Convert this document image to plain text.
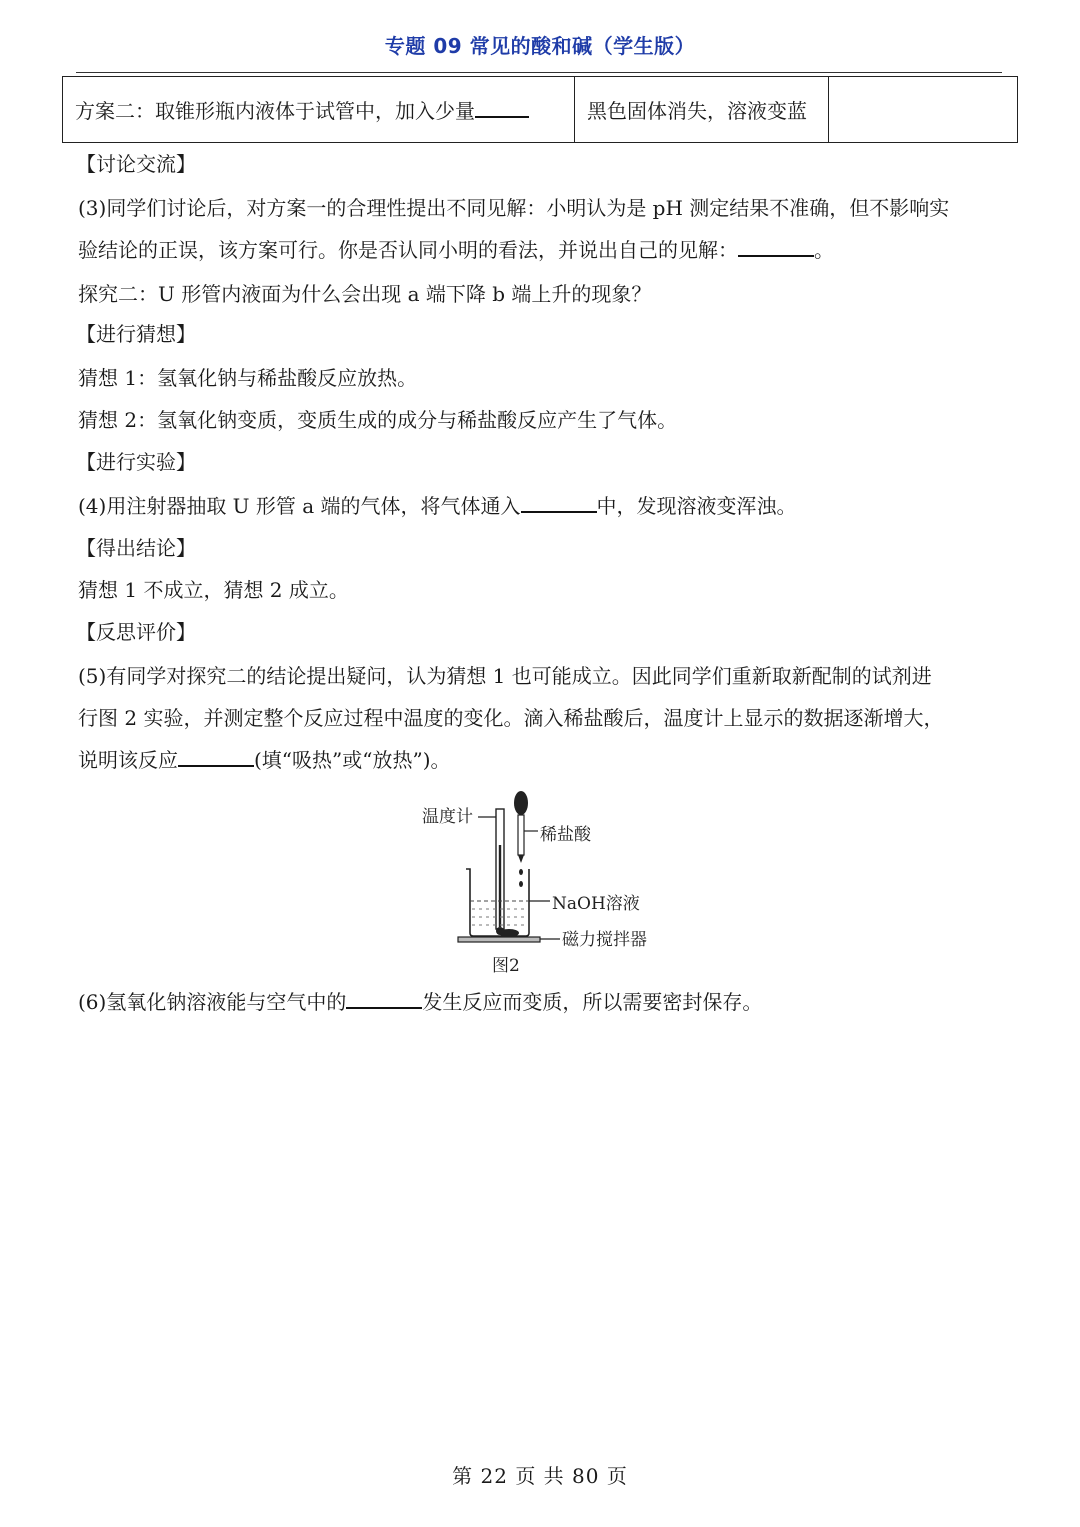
专题 09 常见的酸和碱（学生版）
方案二：取锥形瓶内液体于试管中，加入少量	黑色固体消失，溶液变蓝	
【讨论交流】
(3)同学们讨论后，对方案一的合理性提出不同见解：小明认为是 pH 测定结果不准确，但不影响实
验结论的正误，该方案可行。你是否认同小明的看法，并说出自己的见解：	。
探究二：U 形管内液面为什么会出现 a 端下降 b 端上升的现象？
【进行猜想】
猜想 1：氢氧化钠与稀盐酸反应放热。
猜想 2：氢氧化钠变质，变质生成的成分与稀盐酸反应产生了气体。
【进行实验】
(4)用注射器抽取 U 形管 a 端的气体，将气体通入	中，发现溶液变浑浊。
【得出结论】
猜想 1 不成立，猜想 2 成立。
【反思评价】
(5)有同学对探究二的结论提出疑问，认为猜想 1 也可能成立。因此同学们重新取新配制的试剂进
行图 2 实验，并测定整个反应过程中温度的变化。滴入稀盐酸后，温度计上显示的数据逐渐增大，
说明该反应	(填“吸热”或“放热”)。
温度计
稀盐酸
NaOH溶液
磁力搅拌器
图2
(6)氢氧化钠溶液能与空气中的	发生反应而变质，所以需要密封保存。
第 22 页 共 80 页
